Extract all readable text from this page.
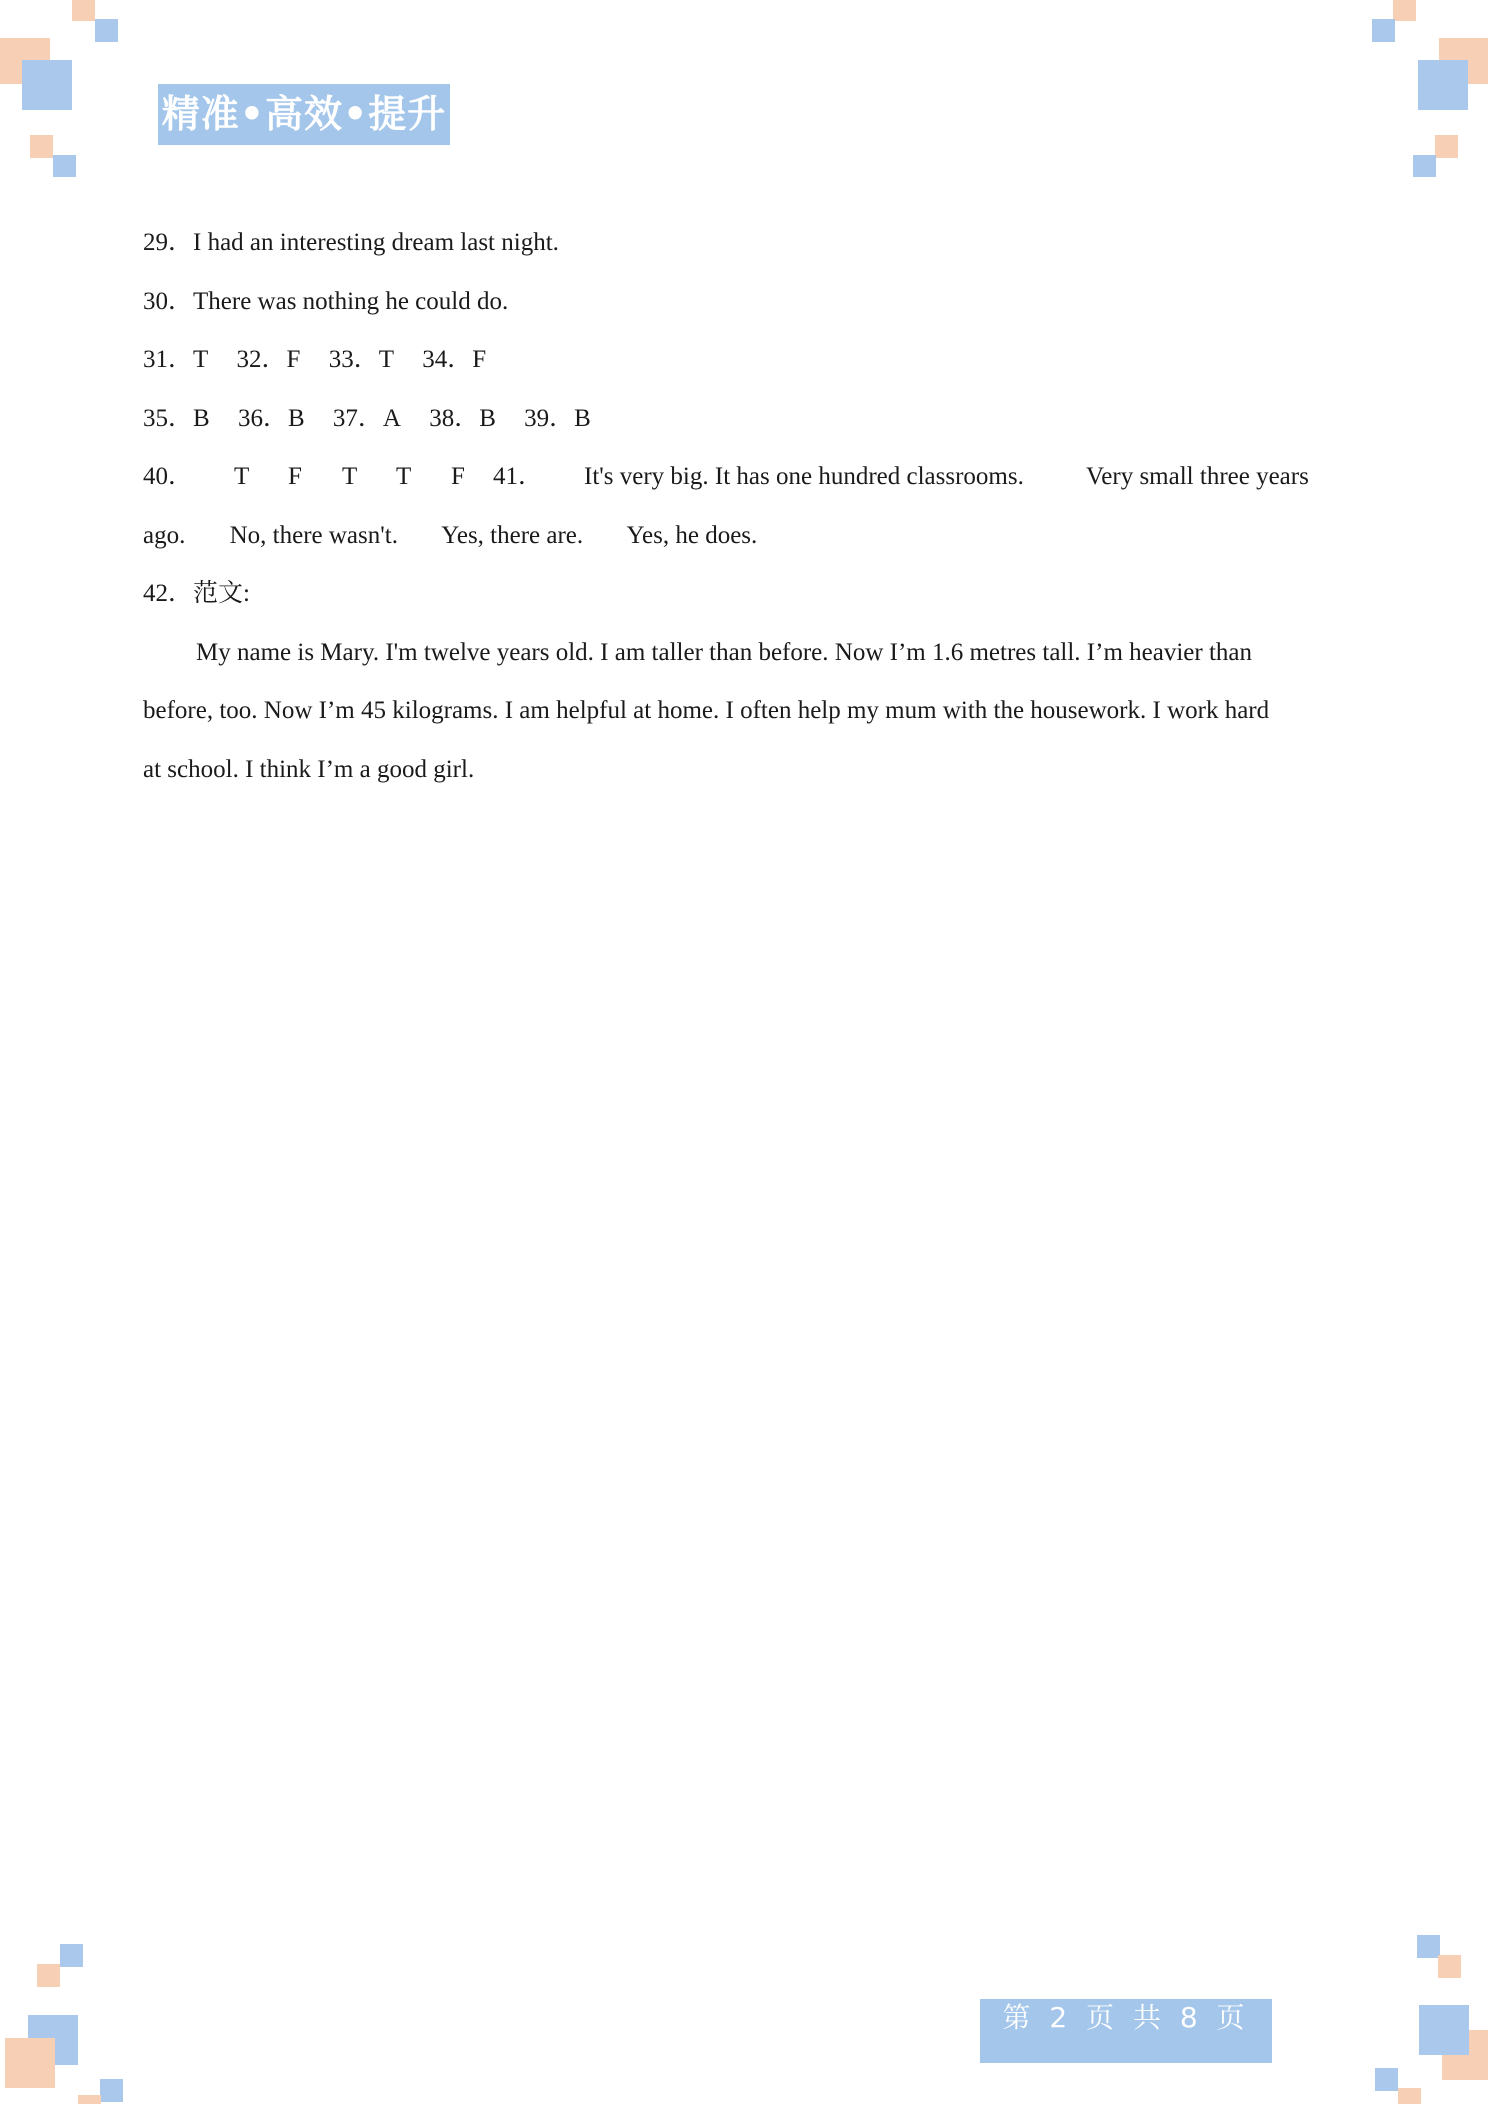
精准•高效•提升
29．I had an interesting dream last night.
30．There was nothing he could do.
31．T 32．F 33．T 34．F
35．B 36．B 37．A 38．B 39．B
40． T F T T F 41． It's very big. It has one hundred classrooms. Very small three years
ago. No, there wasn't. Yes, there are. Yes, he does.
42．范文:
My name is Mary. I'm twelve years old. I am taller than before. Now I’m 1.6 metres tall. I’m heavier than
before, too. Now I’m 45 kilograms. I am helpful at home. I often help my mum with the housework. I work hard
at school. I think I’m a good girl.
第 2 页 共 8 页
